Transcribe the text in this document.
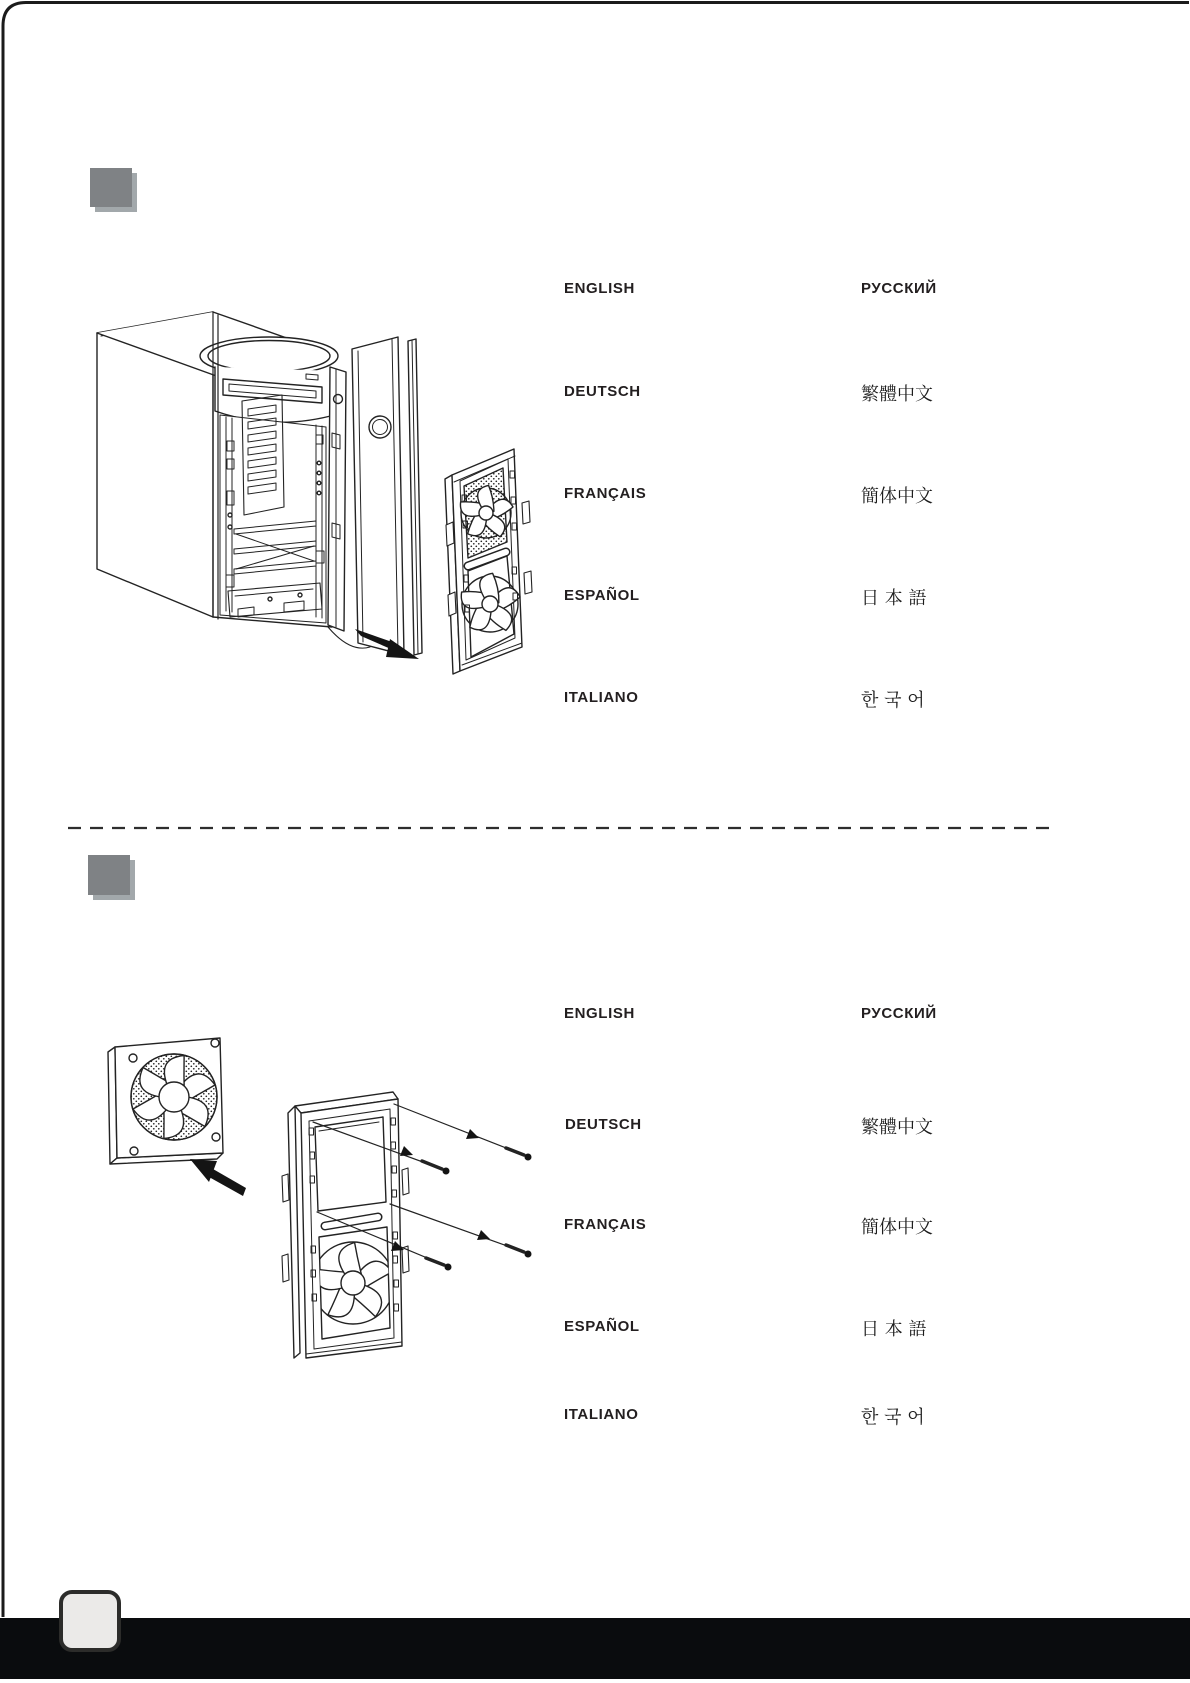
ENGLISH	РУССКИЙ
DEUTSCH	繁體中文
FRANÇAIS	簡体中文
ESPAÑOL	日 本 語
ITALIANO	한 국 어
ENGLISH	РУССКИЙ
DEUTSCH	繁體中文
FRANÇAIS	簡体中文
ESPAÑOL	日 本 語
ITALIANO	한 국 어
